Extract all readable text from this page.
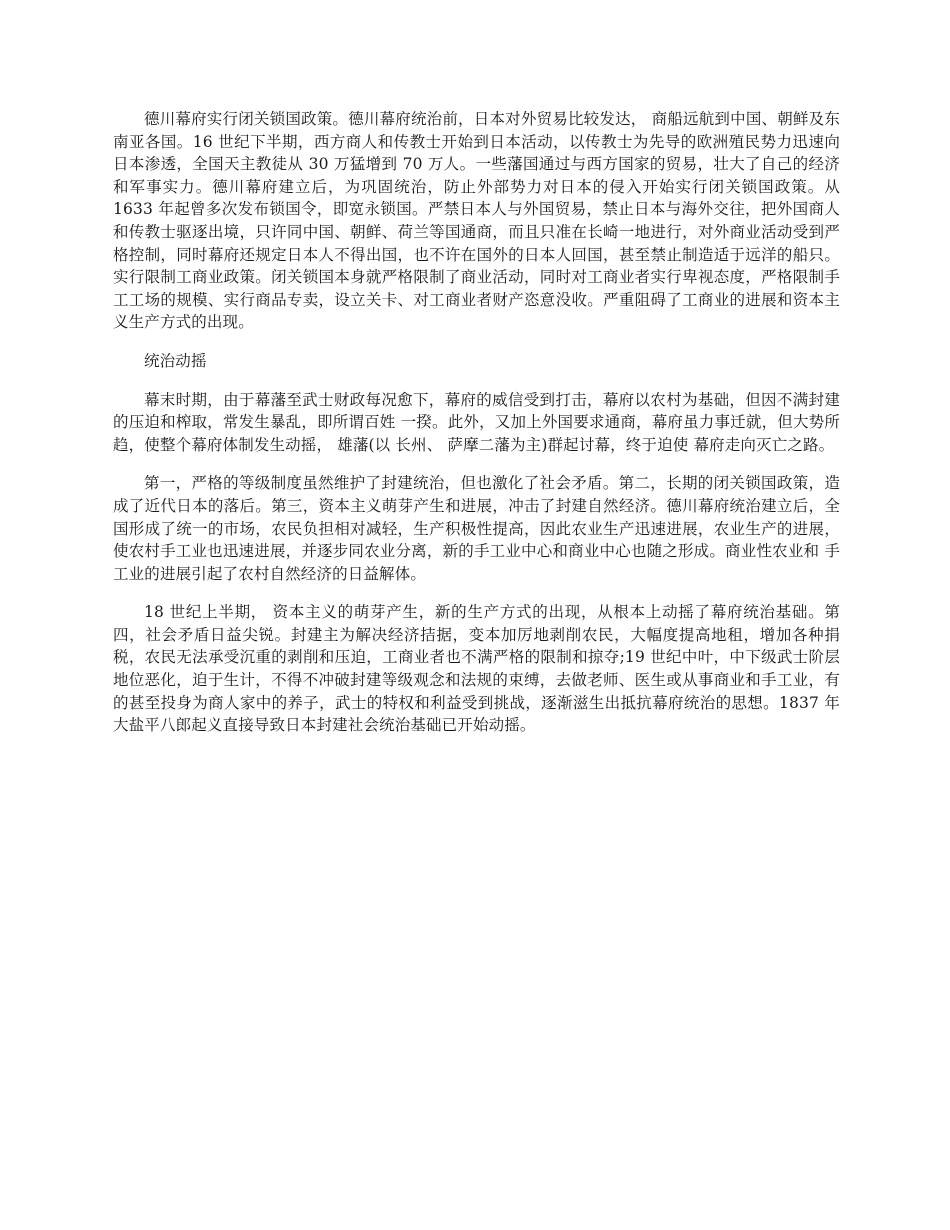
德川幕府实行闭关锁国政策。德川幕府统治前，日本对外贸易比较发达， 商船远航到中国、朝鲜及东南亚各国。16 世纪下半期，西方商人和传教士开始到日本活动，以传教士为先导的欧洲殖民势力迅速向日本渗透，全国天主教徒从 30 万猛增到 70 万人。一些藩国通过与西方国家的贸易，壮大了自己的经济和军事实力。德川幕府建立后，为巩固统治，防止外部势力对日本的侵入开始实行闭关锁国政策。从 1633 年起曾多次发布锁国令，即宽永锁国。严禁日本人与外国贸易，禁止日本与海外交往，把外国商人和传教士驱逐出境，只许同中国、朝鲜、荷兰等国通商，而且只准在长崎一地进行，对外商业活动受到严格控制，同时幕府还规定日本人不得出国，也不许在国外的日本人回国，甚至禁止制造适于远洋的船只。实行限制工商业政策。闭关锁国本身就严格限制了商业活动，同时对工商业者实行卑视态度，严格限制手工工场的规模、实行商品专卖，设立关卡、对工商业者财产恣意没收。严重阻碍了工商业的进展和资本主义生产方式的出现。

统治动摇

幕末时期，由于幕藩至武士财政每况愈下，幕府的威信受到打击，幕府以农村为基础，但因不满封建的压迫和榨取，常发生暴乱，即所谓百姓 一揆。此外，又加上外国要求通商，幕府虽力事迁就，但大势所趋，使整个幕府体制发生动摇， 雄藩(以 长州、 萨摩二藩为主)群起讨幕，终于迫使 幕府走向灭亡之路。

第一，严格的等级制度虽然维护了封建统治，但也激化了社会矛盾。第二，长期的闭关锁国政策，造成了近代日本的落后。第三，资本主义萌芽产生和进展，冲击了封建自然经济。德川幕府统治建立后，全国形成了统一的市场，农民负担相对减轻，生产积极性提高，因此农业生产迅速进展，农业生产的进展，使农村手工业也迅速进展，并逐步同农业分离，新的手工业中心和商业中心也随之形成。商业性农业和 手工业的进展引起了农村自然经济的日益解体。

18 世纪上半期， 资本主义的萌芽产生，新的生产方式的出现，从根本上动摇了幕府统治基础。第四，社会矛盾日益尖锐。封建主为解决经济拮据，变本加厉地剥削农民，大幅度提高地租，增加各种捐税，农民无法承受沉重的剥削和压迫，工商业者也不满严格的限制和掠夺;19 世纪中叶，中下级武士阶层地位恶化，迫于生计，不得不冲破封建等级观念和法规的束缚，去做老师、医生或从事商业和手工业，有的甚至投身为商人家中的养子，武士的特权和利益受到挑战，逐渐滋生出抵抗幕府统治的思想。1837 年大盐平八郎起义直接导致日本封建社会统治基础已开始动摇。
